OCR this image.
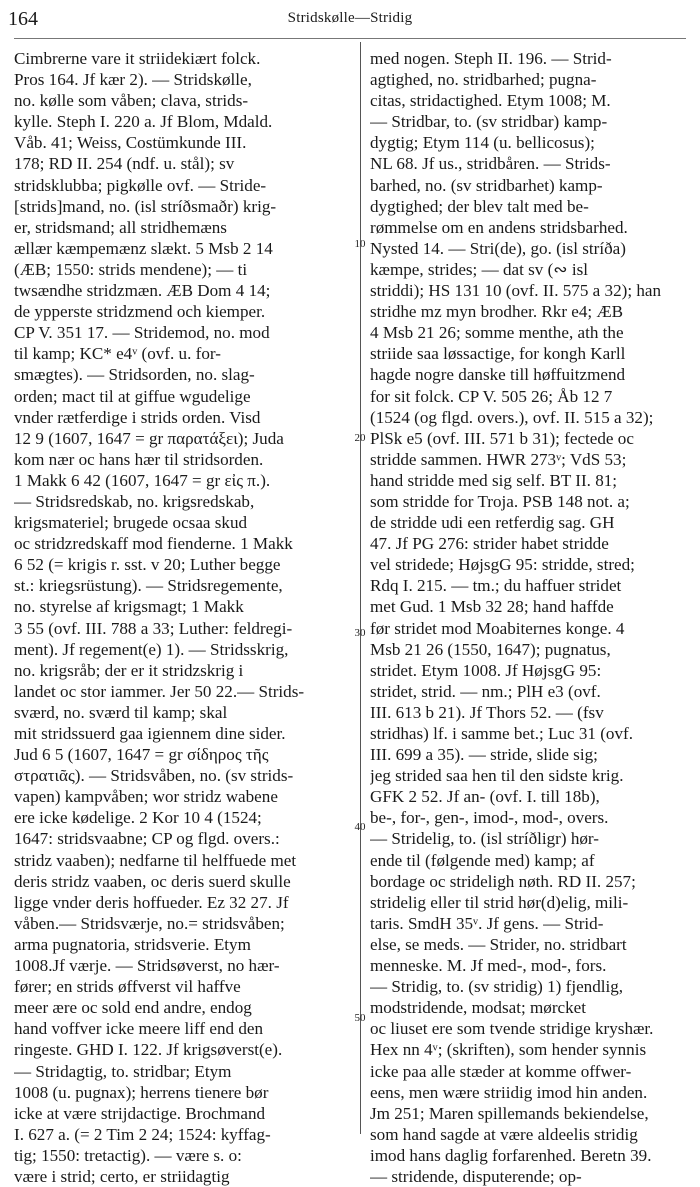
164	Stridskølle—Stridig
Cimbrerne vare it striidekiært folck.
Pros 164. Jf kær 2). — Stridskølle,
no. kølle som våben; clava, strids-
kylle. Steph I. 220 a. Jf Blom, Mdald.
Våb. 41; Weiss, Costümkunde III.
178; RD II. 254 (ndf. u. stål); sv
stridsklubba; pigkølle ovf. — Stride-
[strids]mand, no. (isl stríðsmaðr) krig-
er, stridsmand; all stridhemæns
ællær kæmpemænz slækt. 5 Msb 2 14
(ÆB; 1550: strids mendene); — ti
twsændhe stridzmæn. ÆB Dom 4 14;
de ypperste stridzmend och kiemper.
CP V. 351 17. — Stridemod, no. mod
til kamp; KC* e4ᵛ (ovf. u. for-
smægtes). — Stridsorden, no. slag-
orden; mact til at giffue wgudelige
vnder rætferdige i strids orden. Visd
12 9 (1607, 1647 = gr παρατάξει); Juda
kom nær oc hans hær til stridsorden.
1 Makk 6 42 (1607, 1647 = gr εἰς π.).
— Stridsredskab, no. krigsredskab,
krigsmateriel; brugede ocsaa skud
oc stridzredskaff mod fienderne. 1 Makk
6 52 (= krigis r. sst. v 20; Luther begge
st.: kriegsrüstung). — Stridsregemente,
no. styrelse af krigsmagt; 1 Makk
3 55 (ovf. III. 788 a 33; Luther: feldregi-
ment). Jf regement(e) 1). — Stridsskrig,
no. krigsråb; der er it stridzskrig i
landet oc stor iammer. Jer 50 22.— Strids-
sværd, no. sværd til kamp; skal
mit stridssuerd gaa igiennem dine sider.
Jud 6 5 (1607, 1647 = gr σίδηρος τῆς
στρατιᾶς). — Stridsvåben, no. (sv strids-
vapen) kampvåben; wor stridz wabene
ere icke kødelige. 2 Kor 10 4 (1524;
1647: stridsvaabne; CP og flgd. overs.:
stridz vaaben); nedfarne til helffuede met
deris stridz vaaben, oc deris suerd skulle
ligge vnder deris hoffueder. Ez 32 27. Jf
våben.— Stridsværje, no.= stridsvåben;
arma pugnatoria, stridsverie. Etym
1008.Jf værje. — Stridsøverst, no hær-
fører; en strids øffverst vil haffve
meer ære oc sold end andre, endog
hand voffver icke meere liff end den
ringeste. GHD I. 122. Jf krigsøverst(e).
— Stridagtig, to. stridbar; Etym
1008 (u. pugnax); herrens tienere bør
icke at være strijdactige. Brochmand
I. 627 a. (= 2 Tim 2 24; 1524: kyffag-
tig; 1550: tretactig). — være s. o:
være i strid; certo, er striidagtig
med nogen. Steph II. 196. — Strid-
agtighed, no. stridbarhed; pugna-
citas, stridactighed. Etym 1008; M.
— Stridbar, to. (sv stridbar) kamp-
dygtig; Etym 114 (u. bellicosus);
NL 68. Jf us., stridbåren. — Strids-
barhed, no. (sv stridbarhet) kamp-
dygtighed; der blev talt med be-
rømmelse om en andens stridsbarhed.
Nysted 14. — Stri(de), go. (isl stríða)
kæmpe, strides; — dat sv (∾ isl
striddi); HS 131 10 (ovf. II. 575 a 32); han
stridhe mz myn brodher. Rkr e4; ÆB
4 Msb 21 26; somme menthe, ath the
striide saa løssactige, for kongh Karll
hagde nogre danske till høffuitzmend
for sit folck. CP V. 505 26; Åb 12 7
(1524 (og flgd. overs.), ovf. II. 515 a 32);
PlSk e5 (ovf. III. 571 b 31); fectede oc
stridde sammen. HWR 273ᵛ; VdS 53;
hand stridde med sig self. BT II. 81;
som stridde for Troja. PSB 148 not. a;
de stridde udi een retferdig sag. GH
47. Jf PG 276: strider habet stridde
vel stridede; HøjsgG 95: stridde, stred;
Rdq I. 215. — tm.; du haffuer stridet
met Gud. 1 Msb 32 28; hand haffde
før stridet mod Moabiternes konge. 4
Msb 21 26 (1550, 1647); pugnatus,
stridet. Etym 1008. Jf HøjsgG 95:
stridet, strid. — nm.; PlH e3 (ovf.
III. 613 b 21). Jf Thors 52. — (fsv
stridhas) lf. i samme bet.; Luc 31 (ovf.
III. 699 a 35). — stride, slide sig;
jeg strided saa hen til den sidste krig.
GFK 2 52. Jf an- (ovf. I. till 18b),
be-, for-, gen-, imod-, mod-, overs.
— Stridelig, to. (isl stríðligr) hør-
ende til (følgende med) kamp; af
bordage oc strideligh nøth. RD II. 257;
stridelig eller til strid hør(d)elig, mili-
taris. SmdH 35ᵛ. Jf gens. — Strid-
else, se meds. — Strider, no. stridbart
menneske. M. Jf med-, mod-, fors.
— Stridig, to. (sv stridig) 1) fjendlig,
modstridende, modsat; mørcket
oc liuset ere som tvende stridige kryshær.
Hex nn 4ᵛ; (skriften), som hender synnis
icke paa alle stæder at komme offwer-
eens, men wære striidig imod hin anden.
Jm 251; Maren spillemands bekiendelse,
som hand sagde at være aldeelis stridig
imod hans daglig forfarenhed. Beretn 39.
— stridende, disputerende; op-
10
20
30
40
50
